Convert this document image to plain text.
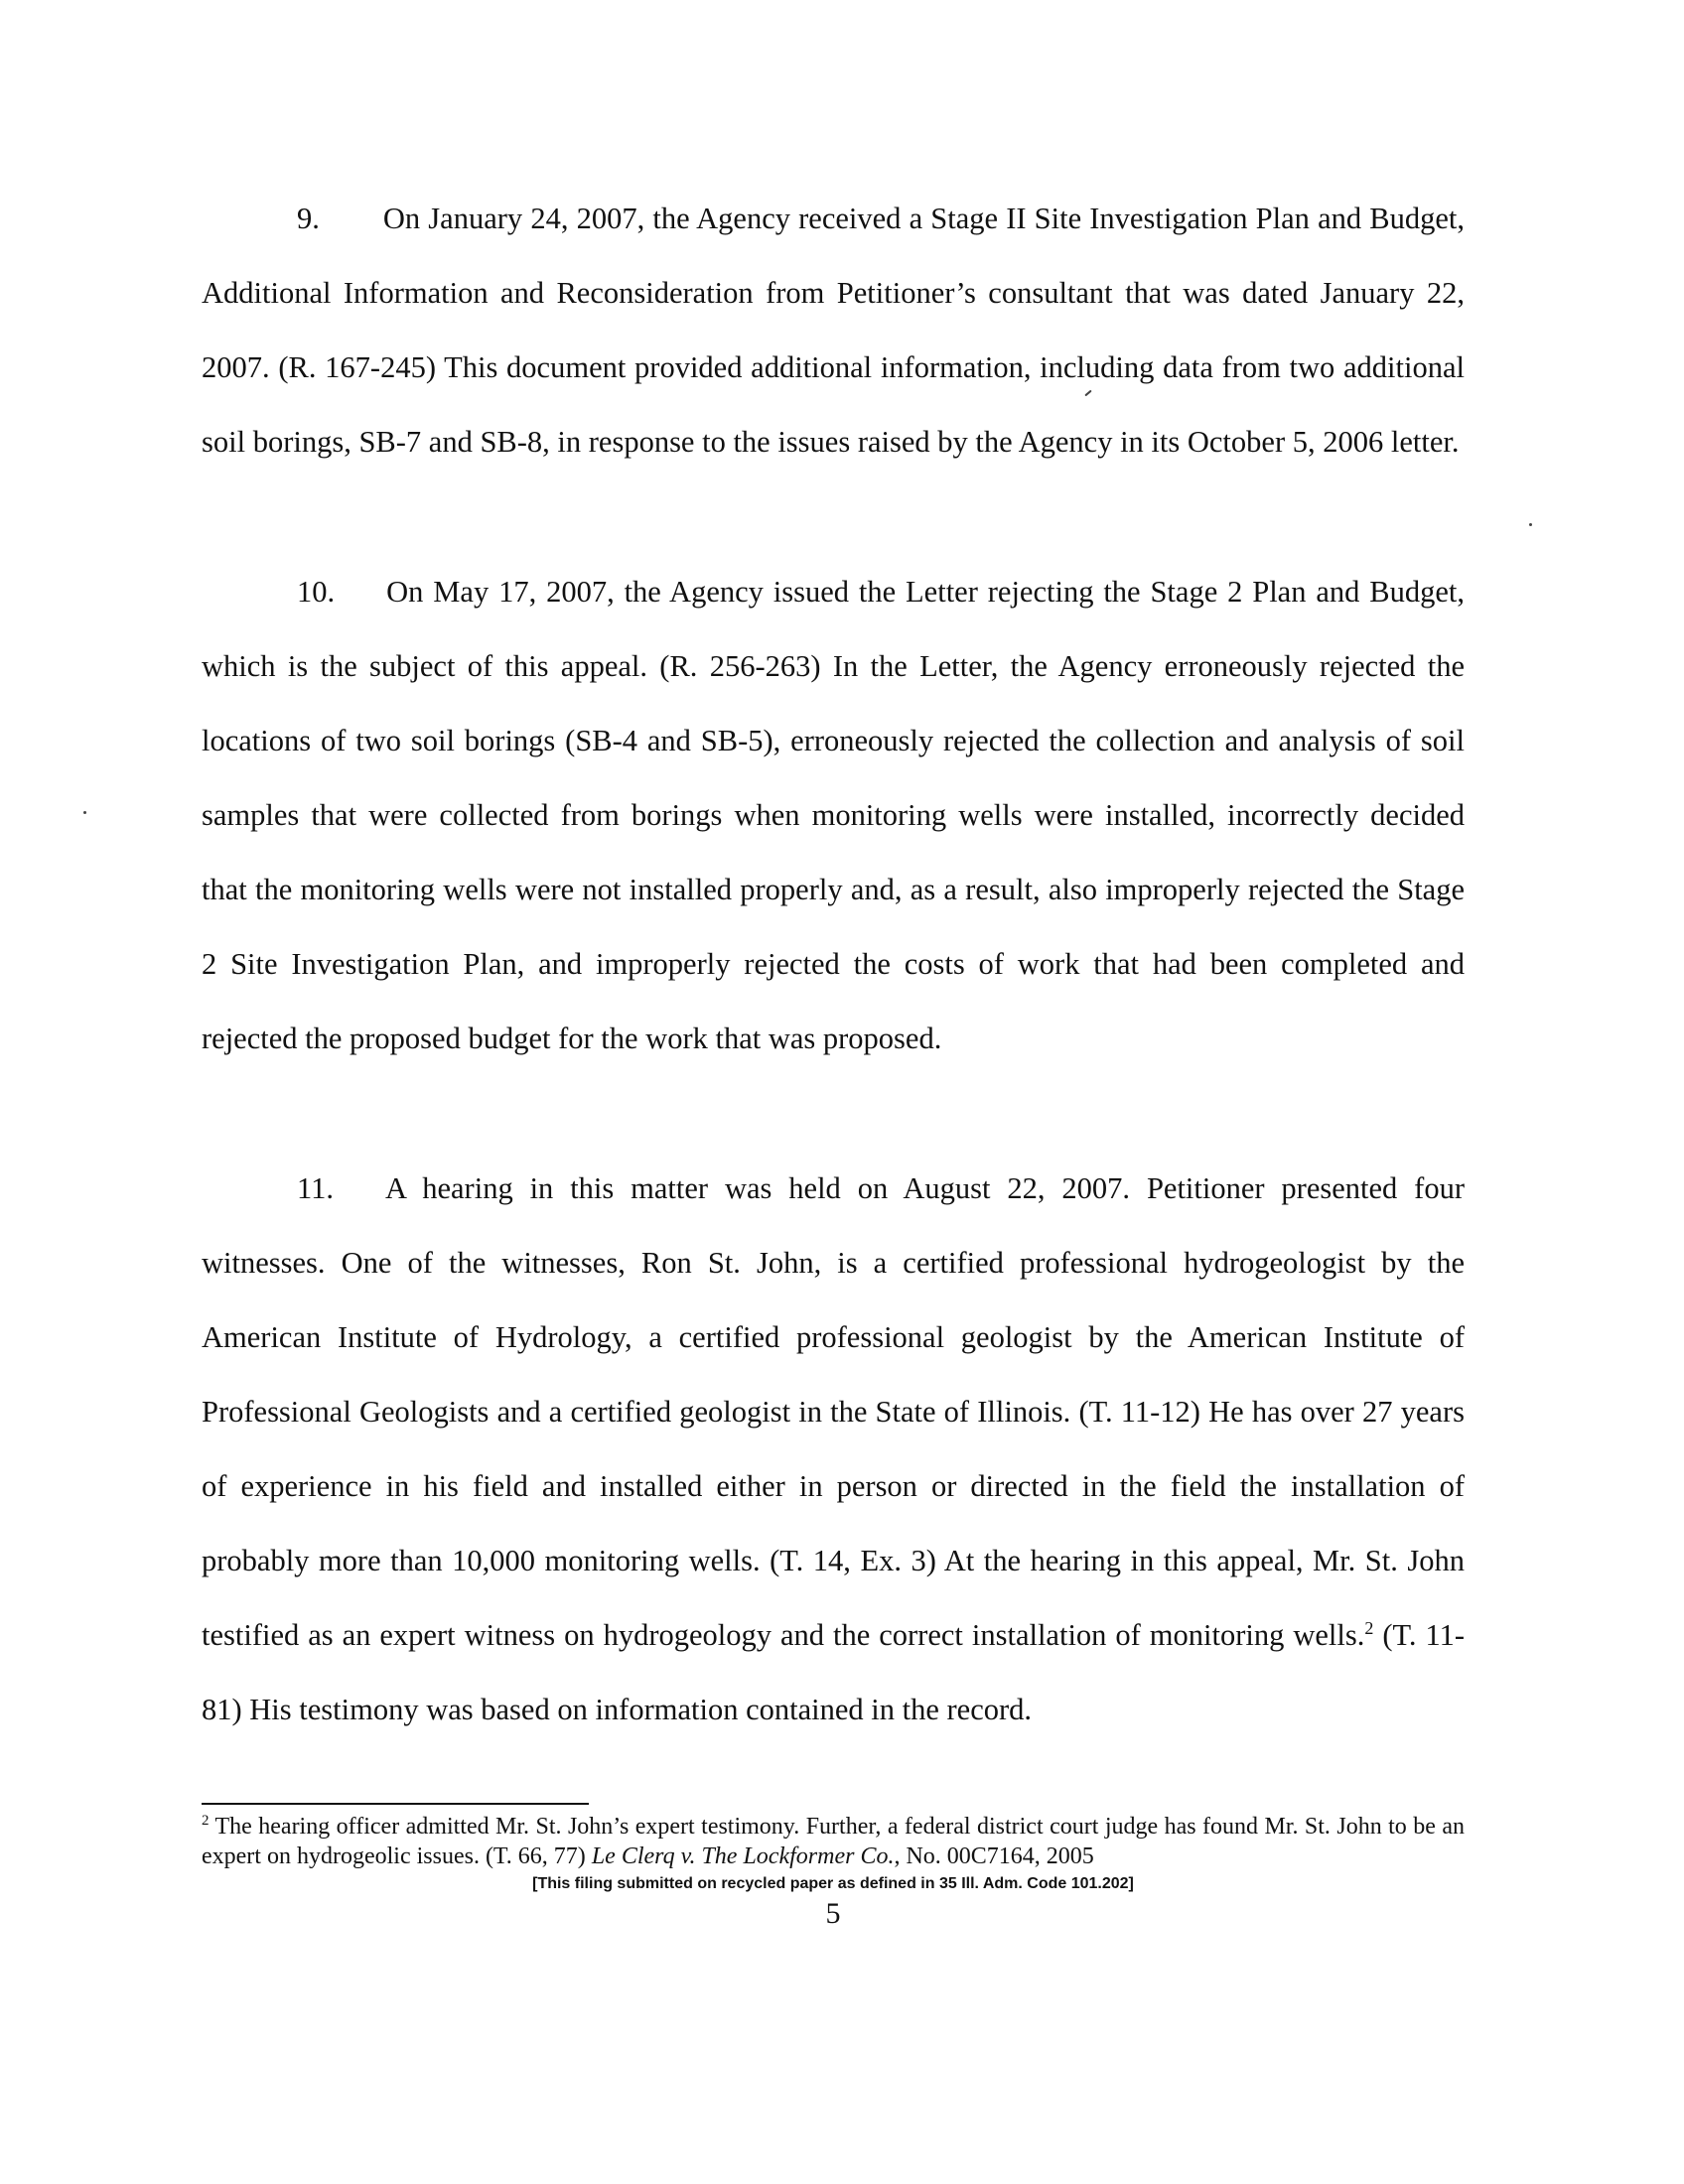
9. On January 24, 2007, the Agency received a Stage II Site Investigation Plan and Budget, Additional Information and Reconsideration from Petitioner’s consultant that was dated January 22, 2007. (R. 167-245) This document provided additional information, including data from two additional soil borings, SB-7 and SB-8, in response to the issues raised by the Agency in its October 5, 2006 letter.

10. On May 17, 2007, the Agency issued the Letter rejecting the Stage 2 Plan and Budget, which is the subject of this appeal. (R. 256-263) In the Letter, the Agency erroneously rejected the locations of two soil borings (SB-4 and SB-5), erroneously rejected the collection and analysis of soil samples that were collected from borings when monitoring wells were installed, incorrectly decided that the monitoring wells were not installed properly and, as a result, also improperly rejected the Stage 2 Site Investigation Plan, and improperly rejected the costs of work that had been completed and rejected the proposed budget for the work that was proposed.

11. A hearing in this matter was held on August 22, 2007. Petitioner presented four witnesses. One of the witnesses, Ron St. John, is a certified professional hydrogeologist by the American Institute of Hydrology, a certified professional geologist by the American Institute of Professional Geologists and a certified geologist in the State of Illinois. (T. 11-12) He has over 27 years of experience in his field and installed either in person or directed in the field the installation of probably more than 10,000 monitoring wells. (T. 14, Ex. 3) At the hearing in this appeal, Mr. St. John testified as an expert witness on hydrogeology and the correct installation of monitoring wells.$^2$ (T. 11-81) His testimony was based on information contained in the record.

$^2$ The hearing officer admitted Mr. St. John’s expert testimony. Further, a federal district court judge has found Mr. St. John to be an expert on hydrogeolic issues. (T. 66, 77) Le Clerq v. The Lockformer Co., No. 00C7164, 2005

[This filing submitted on recycled paper as defined in 35 Ill. Adm. Code 101.202]
5
